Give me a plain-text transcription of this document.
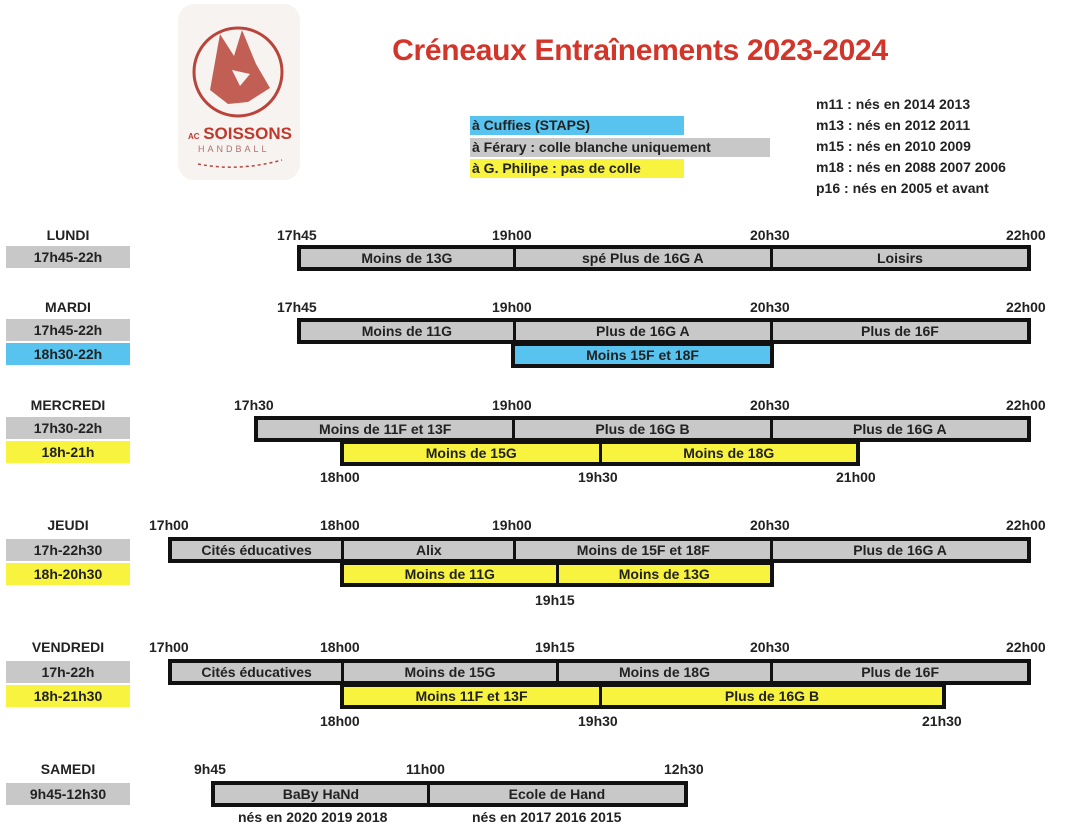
AC SOISSONS
HANDBALL
Créneaux Entraînements 2023-2024
à Cuffies (STAPS)
à Férary : colle blanche uniquement
à G. Philipe : pas de colle
m11 : nés en 2014 2013
m13 : nés en 2012 2011
m15 : nés en 2010 2009
m18 : nés en 2088 2007 2006
p16 : nés en 2005 et avant
LUNDI
17h45-22h
17h45	19h00	20h30	22h00
Moins de 13G	spé Plus de 16G A	Loisirs
MARDI
17h45-22h
18h30-22h
17h45	19h00	20h30	22h00
Moins de 11G	Plus de 16G A	Plus de 16F
Moins 15F et 18F
MERCREDI
17h30-22h
18h-21h
17h30	19h00	20h30	22h00
Moins de 11F et 13F	Plus de 16G B	Plus de 16G A
Moins de 15G	Moins de 18G
18h00	19h30	21h00
JEUDI
17h-22h30
18h-20h30
17h00	18h00	19h00	20h30	22h00
Cités éducatives	Alix	Moins de 15F et 18F	Plus de 16G A
Moins de 11G	Moins de 13G
19h15
VENDREDI
17h-22h
18h-21h30
17h00	18h00	19h15	20h30	22h00
Cités éducatives	Moins de 15G	Moins de 18G	Plus de 16F
Moins 11F et 13F	Plus de 16G B
18h00	19h30	21h30
SAMEDI
9h45-12h30
9h45	11h00	12h30
BaBy HaNd	Ecole de Hand
nés en 2020 2019 2018	nés en 2017 2016 2015
